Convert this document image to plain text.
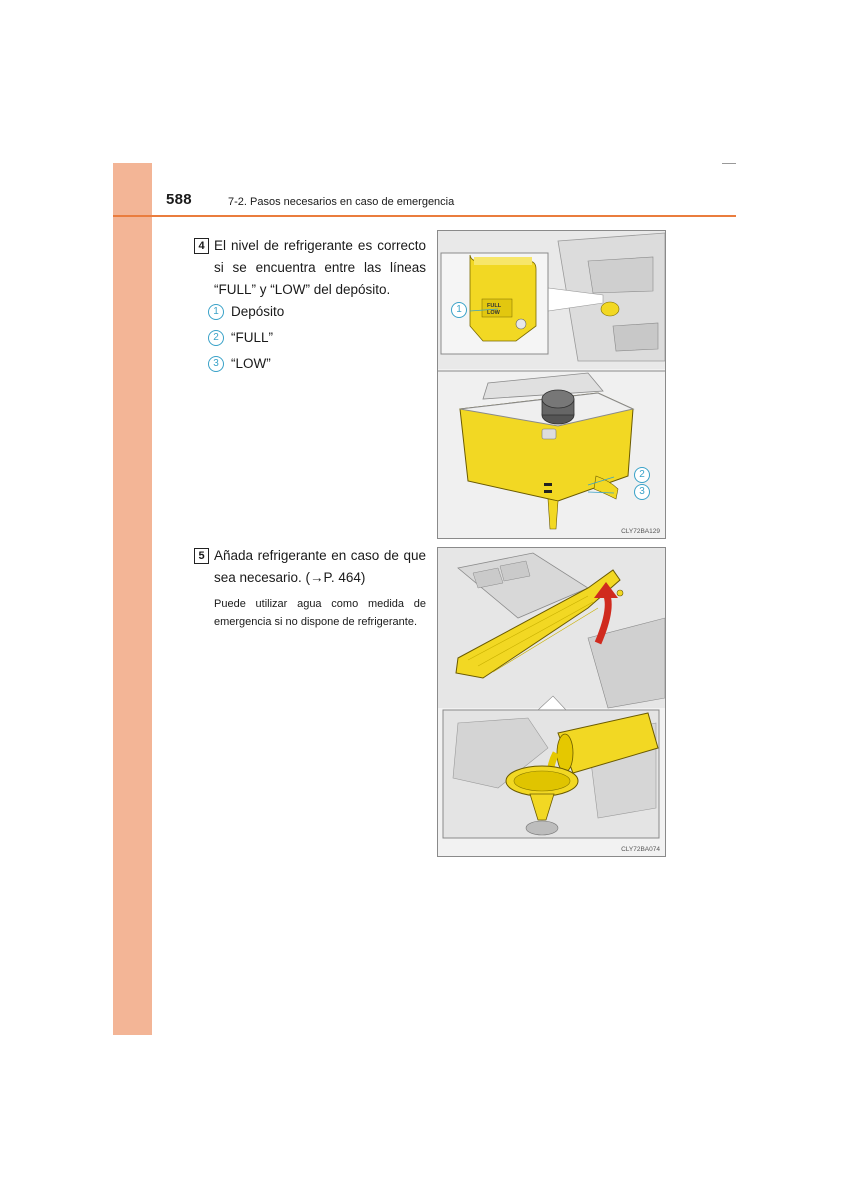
588	7-2. Pasos necesarios en caso de emergencia
4 El nivel de refrigerante es correcto si se encuentra entre las líneas “FULL” y “LOW” del depósito.
1 Depósito
2 “FULL”
3 “LOW”
5 Añada refrigerante en caso de que sea necesario. (→P. 464)
Puede utilizar agua como medida de emergencia si no dispone de refrigerante.
1	FULL
LOW
2
3
CLY72BA129
CLY72BA074
